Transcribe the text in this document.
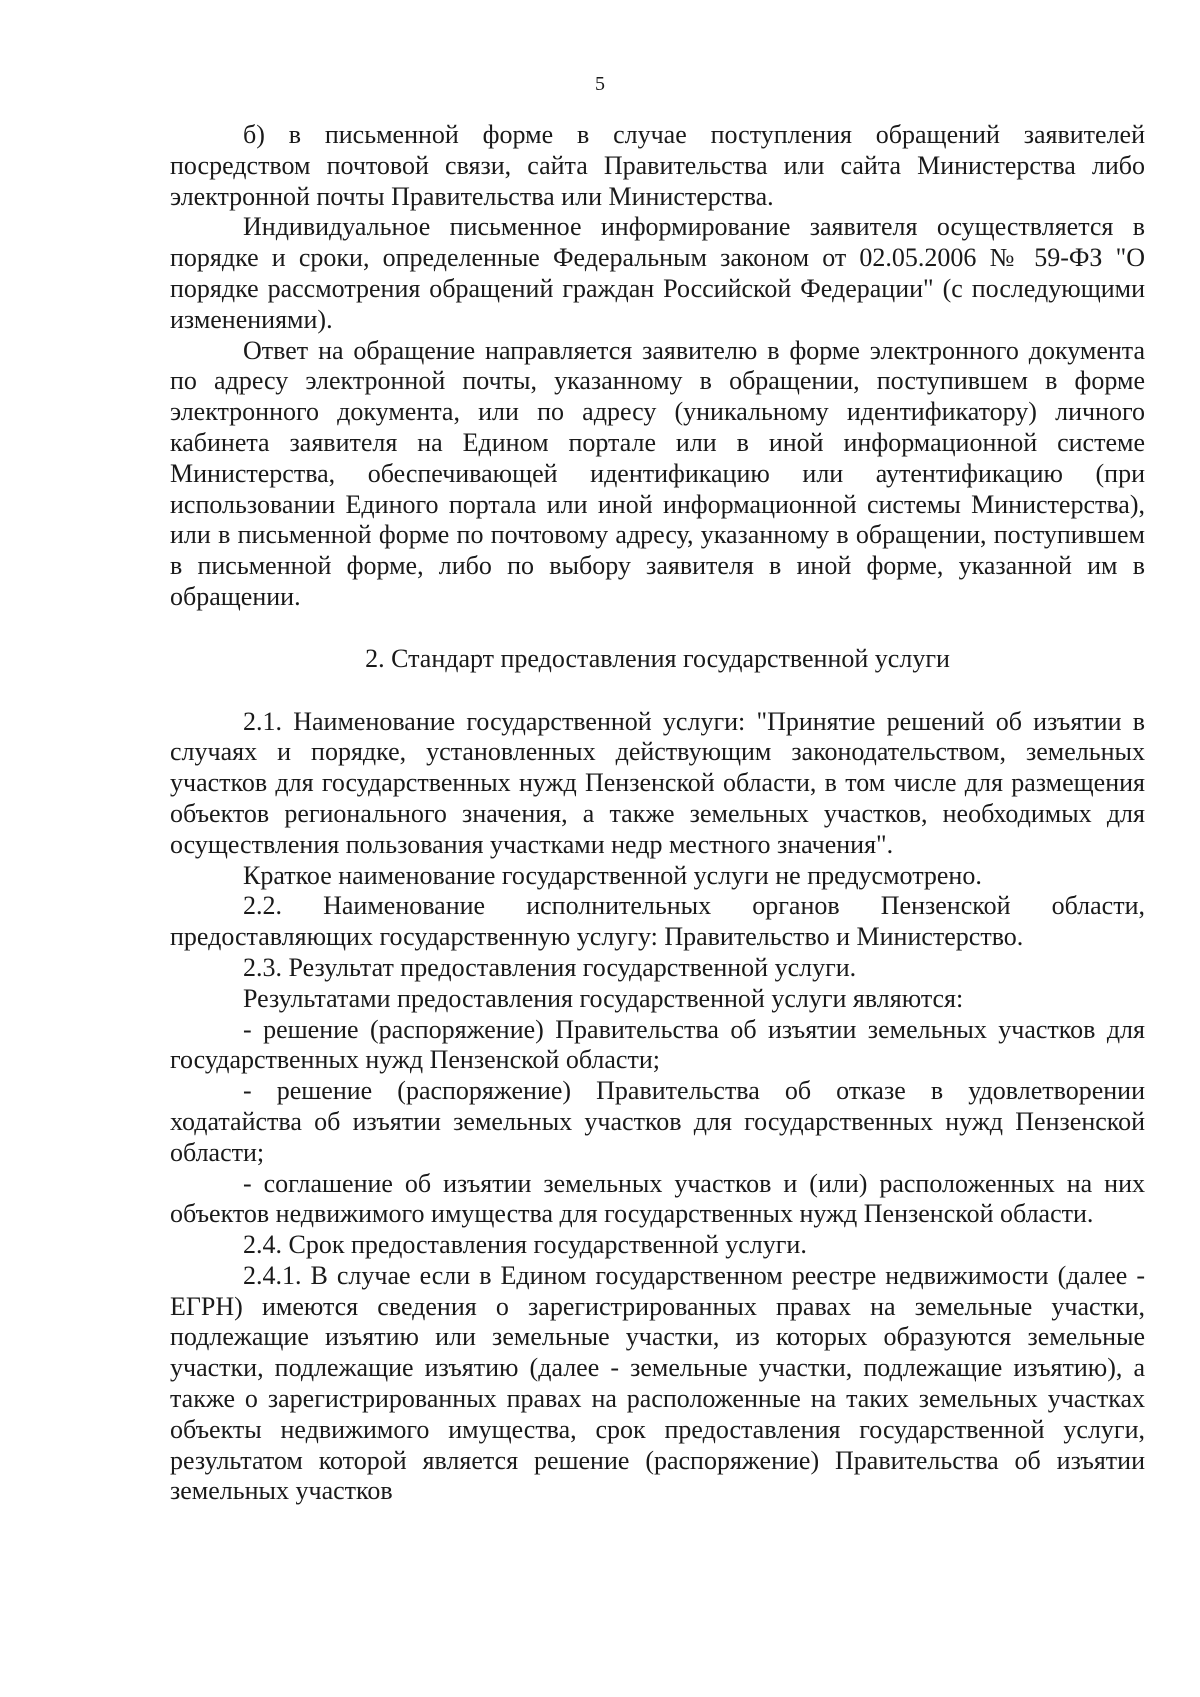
5

б) в письменной форме в случае поступления обращений заявителей посредством почтовой связи, сайта Правительства или сайта Министерства либо электронной почты Правительства или Министерства.

Индивидуальное письменное информирование заявителя осуществляется в порядке и сроки, определенные Федеральным законом от 02.05.2006 № 59-ФЗ "О порядке рассмотрения обращений граждан Российской Федерации" (с последующими изменениями).

Ответ на обращение направляется заявителю в форме электронного документа по адресу электронной почты, указанному в обращении, поступившем в форме электронного документа, или по адресу (уникальному идентификатору) личного кабинета заявителя на Едином портале или в иной информационной системе Министерства, обеспечивающей идентификацию или аутентификацию (при использовании Единого портала или иной информационной системы Министерства), или в письменной форме по почтовому адресу, указанному в обращении, поступившем в письменной форме, либо по выбору заявителя в иной форме, указанной им в обращении.

2. Стандарт предоставления государственной услуги

2.1. Наименование государственной услуги: "Принятие решений об изъятии в случаях и порядке, установленных действующим законодательством, земельных участков для государственных нужд Пензенской области, в том числе для размещения объектов регионального значения, а также земельных участков, необходимых для осуществления пользования участками недр местного значения".

Краткое наименование государственной услуги не предусмотрено.

2.2. Наименование исполнительных органов Пензенской области, предоставляющих государственную услугу: Правительство и Министерство.

2.3. Результат предоставления государственной услуги.

Результатами предоставления государственной услуги являются:

- решение (распоряжение) Правительства об изъятии земельных участков для государственных нужд Пензенской области;

- решение (распоряжение) Правительства об отказе в удовлетворении ходатайства об изъятии земельных участков для государственных нужд Пензенской области;

- соглашение об изъятии земельных участков и (или) расположенных на них объектов недвижимого имущества для государственных нужд Пензенской области.

2.4. Срок предоставления государственной услуги.

2.4.1. В случае если в Едином государственном реестре недвижимости (далее - ЕГРН) имеются сведения о зарегистрированных правах на земельные участки, подлежащие изъятию или земельные участки, из которых образуются земельные участки, подлежащие изъятию (далее - земельные участки, подлежащие изъятию), а также о зарегистрированных правах на расположенные на таких земельных участках объекты недвижимого имущества, срок предоставления государственной услуги, результатом которой является решение (распоряжение) Правительства об изъятии земельных участков
